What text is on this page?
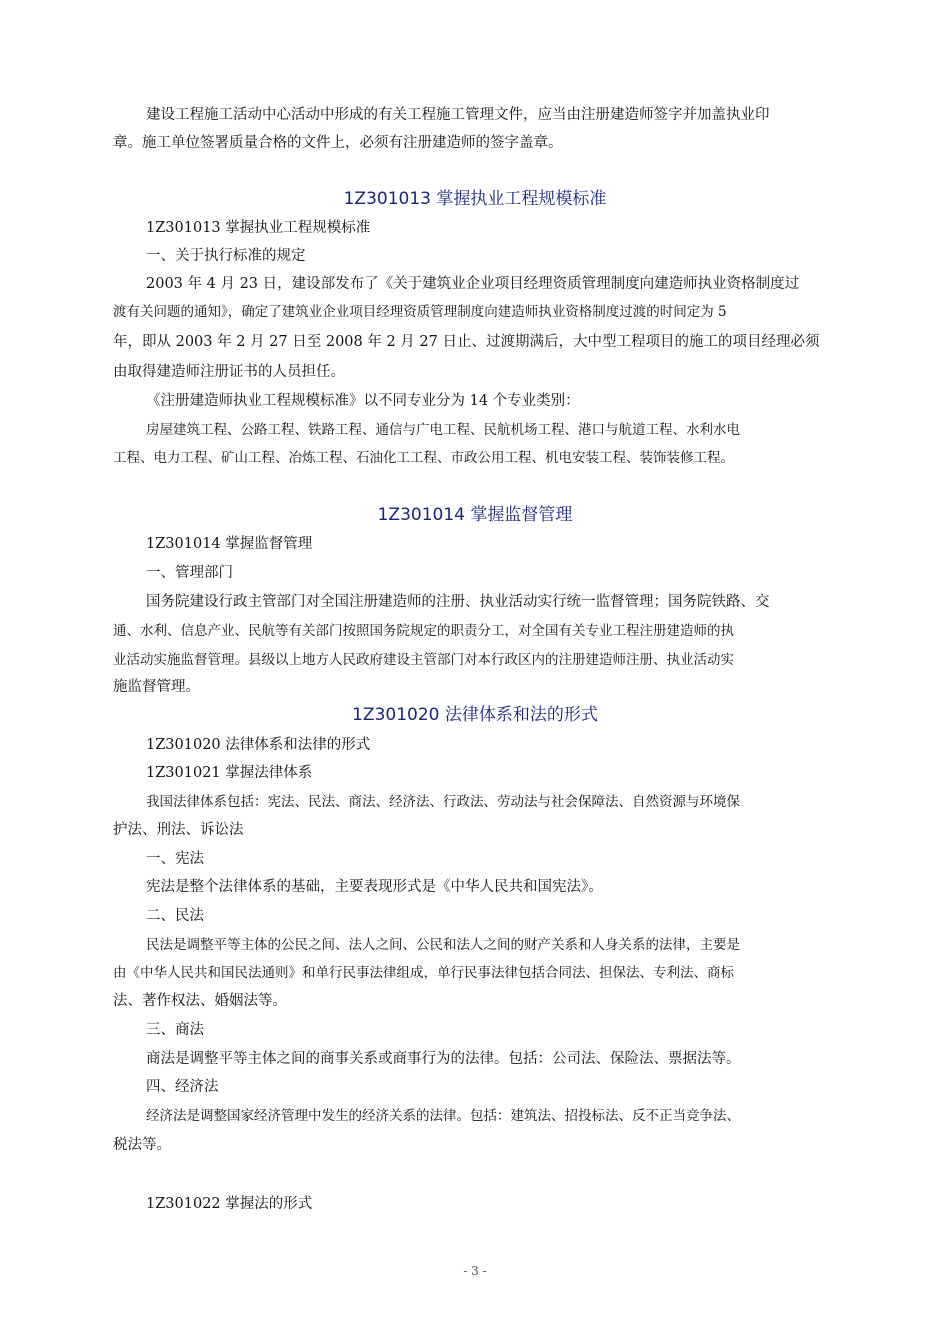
建设工程施工活动中心活动中形成的有关工程施工管理文件，应当由注册建造师签字并加盖执业印
章。施工单位签署质量合格的文件上，必须有注册建造师的签字盖章。
1Z301013 掌握执业工程规模标准
1Z301013 掌握执业工程规模标准
一、关于执行标准的规定
2003 年 4 月 23 日，建设部发布了《关于建筑业企业项目经理资质管理制度向建造师执业资格制度过
渡有关问题的通知》，确定了建筑业企业项目经理资质管理制度向建造师执业资格制度过渡的时间定为 5
年，即从 2003 年 2 月 27 日至 2008 年 2 月 27 日止、过渡期满后，大中型工程项目的施工的项目经理必须
由取得建造师注册证书的人员担任。
《注册建造师执业工程规模标准》以不同专业分为 14 个专业类别：
房屋建筑工程、公路工程、铁路工程、通信与广电工程、民航机场工程、港口与航道工程、水利水电
工程、电力工程、矿山工程、冶炼工程、石油化工工程、市政公用工程、机电安装工程、装饰装修工程。
1Z301014 掌握监督管理
1Z301014 掌握监督管理
一、管理部门
国务院建设行政主管部门对全国注册建造师的注册、执业活动实行统一监督管理；国务院铁路、交
通、水利、信息产业、民航等有关部门按照国务院规定的职责分工，对全国有关专业工程注册建造师的执
业活动实施监督管理。县级以上地方人民政府建设主管部门对本行政区内的注册建造师注册、执业活动实
施监督管理。
1Z301020 法律体系和法的形式
1Z301020 法律体系和法律的形式
1Z301021 掌握法律体系
我国法律体系包括：宪法、民法、商法、经济法、行政法、劳动法与社会保障法、自然资源与环境保
护法、刑法、诉讼法
一、宪法
宪法是整个法律体系的基础，主要表现形式是《中华人民共和国宪法》。
二、民法
民法是调整平等主体的公民之间、法人之间、公民和法人之间的财产关系和人身关系的法律，主要是
由《中华人民共和国民法通则》和单行民事法律组成，单行民事法律包括合同法、担保法、专利法、商标
法、著作权法、婚姻法等。
三、商法
商法是调整平等主体之间的商事关系或商事行为的法律。包括：公司法、保险法、票据法等。
四、经济法
经济法是调整国家经济管理中发生的经济关系的法律。包括：建筑法、招投标法、反不正当竞争法、
税法等。
1Z301022 掌握法的形式
- 3 -
